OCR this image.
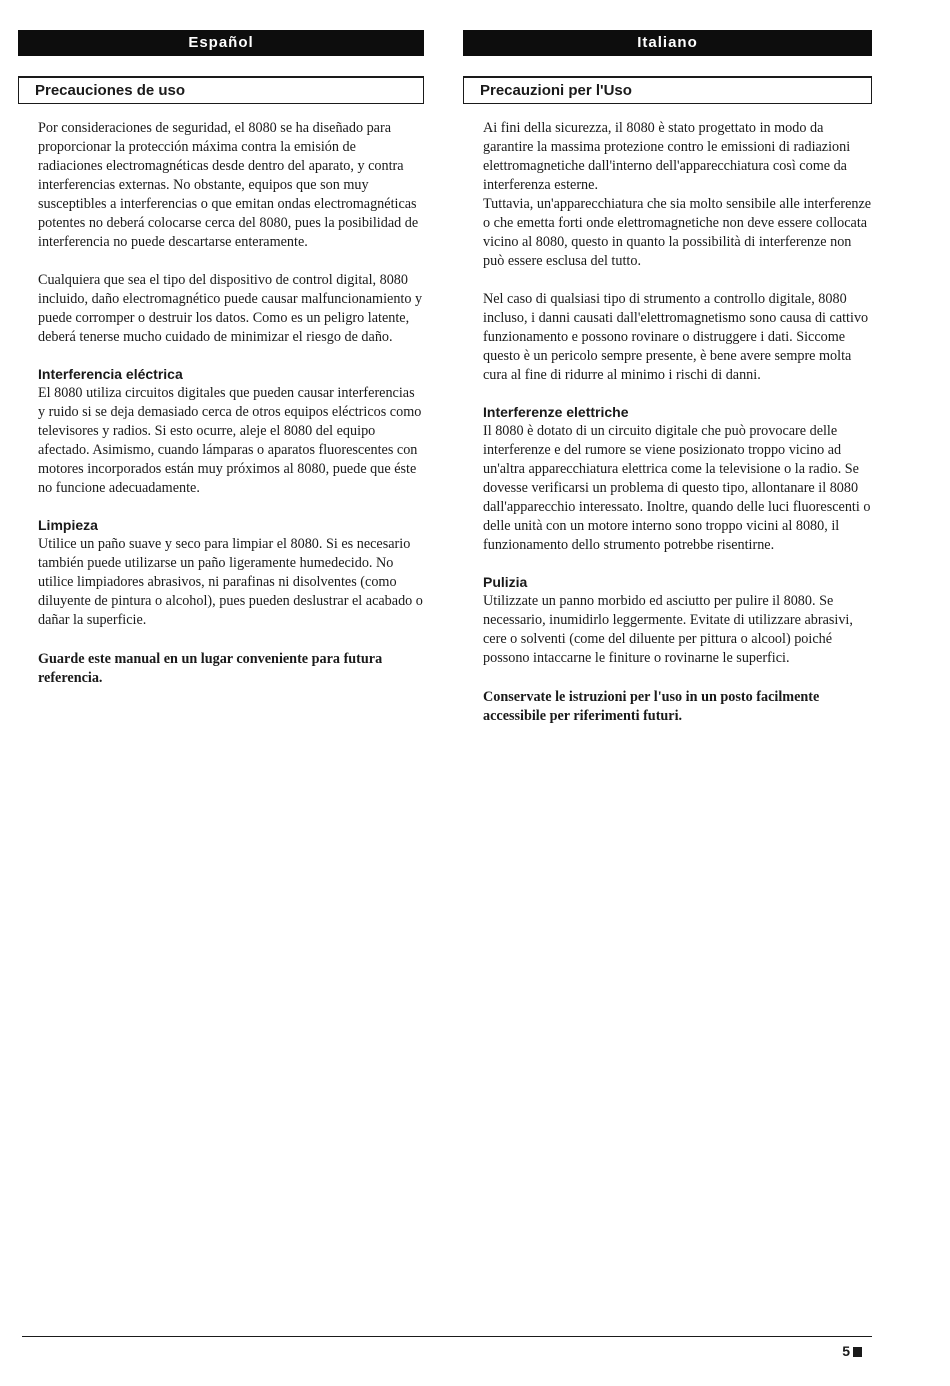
Español
Precauciones de uso

Por consideraciones de seguridad, el 8080 se ha diseñado para proporcionar la protección máxima contra la emisión de radiaciones electromagnéticas desde dentro del aparato, y contra interferencias externas. No obstante, equipos que son muy susceptibles a interferencias o que emitan ondas electromagnéticas potentes no deberá colocarse cerca del 8080, pues la posibilidad de interferencia no puede descartarse enteramente.

Cualquiera que sea el tipo del dispositivo de control digital, 8080 incluido, daño electromagnético puede causar malfuncionamiento y puede corromper o destruir los datos. Como es un peligro latente, deberá tenerse mucho cuidado de minimizar el riesgo de daño.

Interferencia eléctrica

El 8080 utiliza circuitos digitales que pueden causar interferencias y ruido si se deja demasiado cerca de otros equipos eléctricos como televisores y radios. Si esto ocurre, aleje el 8080 del equipo afectado. Asimismo, cuando lámparas o aparatos fluorescentes con motores incorporados están muy próximos al 8080, puede que éste no funcione adecuadamente.

Limpieza

Utilice un paño suave y seco para limpiar el 8080. Si es necesario también puede utilizarse un paño ligeramente humedecido. No utilice limpiadores abrasivos, ni parafinas ni disolventes (como diluyente de pintura o alcohol), pues pueden deslustrar el acabado o dañar la superficie.

Guarde este manual en un lugar conveniente para futura referencia.

Italiano
Precauzioni per l'Uso

Ai fini della sicurezza, il 8080 è stato progettato in modo da garantire la massima protezione contro le emissioni di radiazioni elettromagnetiche dall'interno dell'apparecchiatura così come da interferenza esterne.

Tuttavia, un'apparecchiatura che sia molto sensibile alle interferenze o che emetta forti onde elettromagnetiche non deve essere collocata vicino al 8080, questo in quanto la possibilità di interferenze non può essere esclusa del tutto.

Nel caso di qualsiasi tipo di strumento a controllo digitale, 8080 incluso, i danni causati dall'elettromagnetismo sono causa di cattivo funzionamento e possono rovinare o distruggere i dati. Siccome questo è un pericolo sempre presente, è bene avere sempre molta cura al fine di ridurre al minimo i rischi di danni.

Interferenze elettriche

Il 8080 è dotato di un circuito digitale che può provocare delle interferenze e del rumore se viene posizionato troppo vicino ad un'altra apparecchiatura elettrica come la televisione o la radio. Se dovesse verificarsi un problema di questo tipo, allontanare il 8080 dall'apparecchio interessato. Inoltre, quando delle luci fluorescenti o delle unità con un motore interno sono troppo vicini al 8080, il funzionamento dello strumento potrebbe risentirne.

Pulizia

Utilizzate un panno morbido ed asciutto per pulire il 8080. Se necessario, inumidirlo leggermente. Evitate di utilizzare abrasivi, cere o solventi (come del diluente per pittura o alcool) poiché possono intaccarne le finiture o rovinarne le superfici.

Conservate le istruzioni per l'uso in un posto facilmente accessibile per riferimenti futuri.

5
